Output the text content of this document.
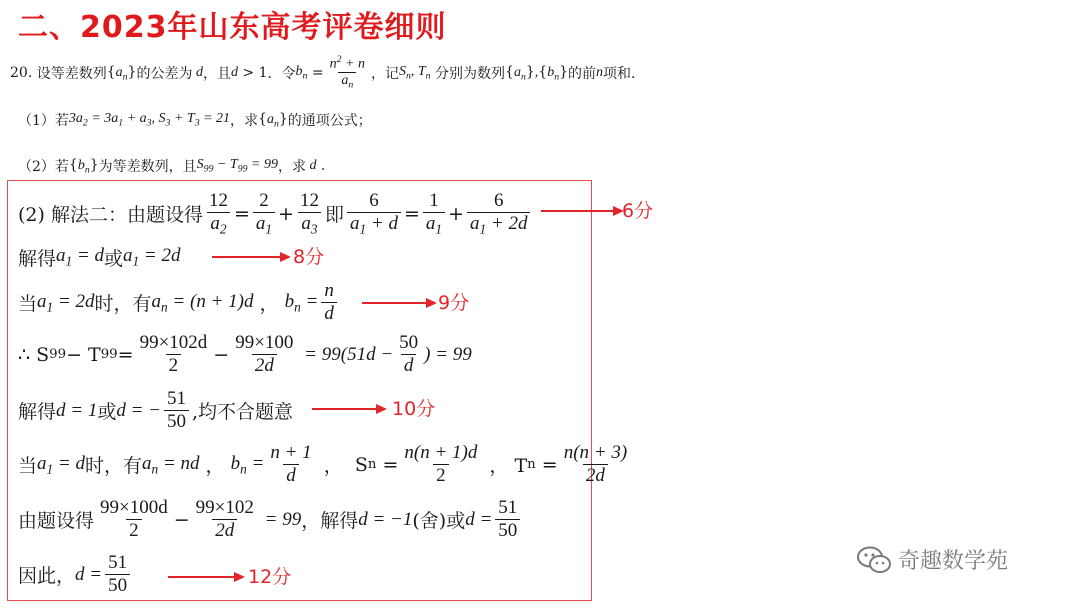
二、2023年山东高考评卷细则
20.
设等差数列 $\{a_n\}$ 的公差为 d ，且 d > 1 ．令 $b_n = \frac{n^2 + n}{a_n}$ ，记 $S_n$, $T_n$
分别为数列 $\{a_n\},\{b_n\}$ 的前 n 项和.
（1）若 $3a_2 = 3a_1 + a_3$, $S_3 + T_3 = 21$ ，求 $\{a_n\}$ 的通项公式；
（2）若 $\{b_n\}$ 为等差数列，且 $S_{99} - T_{99} = 99$ ，求 d .
(2) 解法二：由题设得 $\frac{12}{a_2} = \frac{2}{a_1} + \frac{12}{a_3}$ 即 $\frac{6}{a_1 + d} = \frac{1}{a_1} + \frac{6}{a_1 + 2d}$
解得 $a_1 = d$ 或 $a_1 = 2d$
当 $a_1 = 2d$ 时，有 $a_n = (n + 1)d$
，
$b_n = \frac{n}{d}$
∴ S 99 − T $99 = \frac{99\times 102d}{2} - \frac{99\times 100}{2d} = 99(51d - \frac{50}{d}$ ) = 99
解得 d = 1 或 d = − $\frac{51}{50}$ ,均不合题意
当 $a_1 = d$ 时，有 $a_n$ = nd
，
$b_n = \frac{n + 1}{d}$
， S $n = \frac{n(n + 1)d}{2}$ ， T $n = \frac{n(n + 3)}{2d}$
由题设得 $\frac{99\times 100d}{2} - \frac{99\times 102}{2d} = 99$ ，解得 d = −1 (舍) 或 $d = \frac{51}{50}$
因此， $d = \frac{51}{50}$
6分
8分
9分
10分
12分
奇趣数学苑
